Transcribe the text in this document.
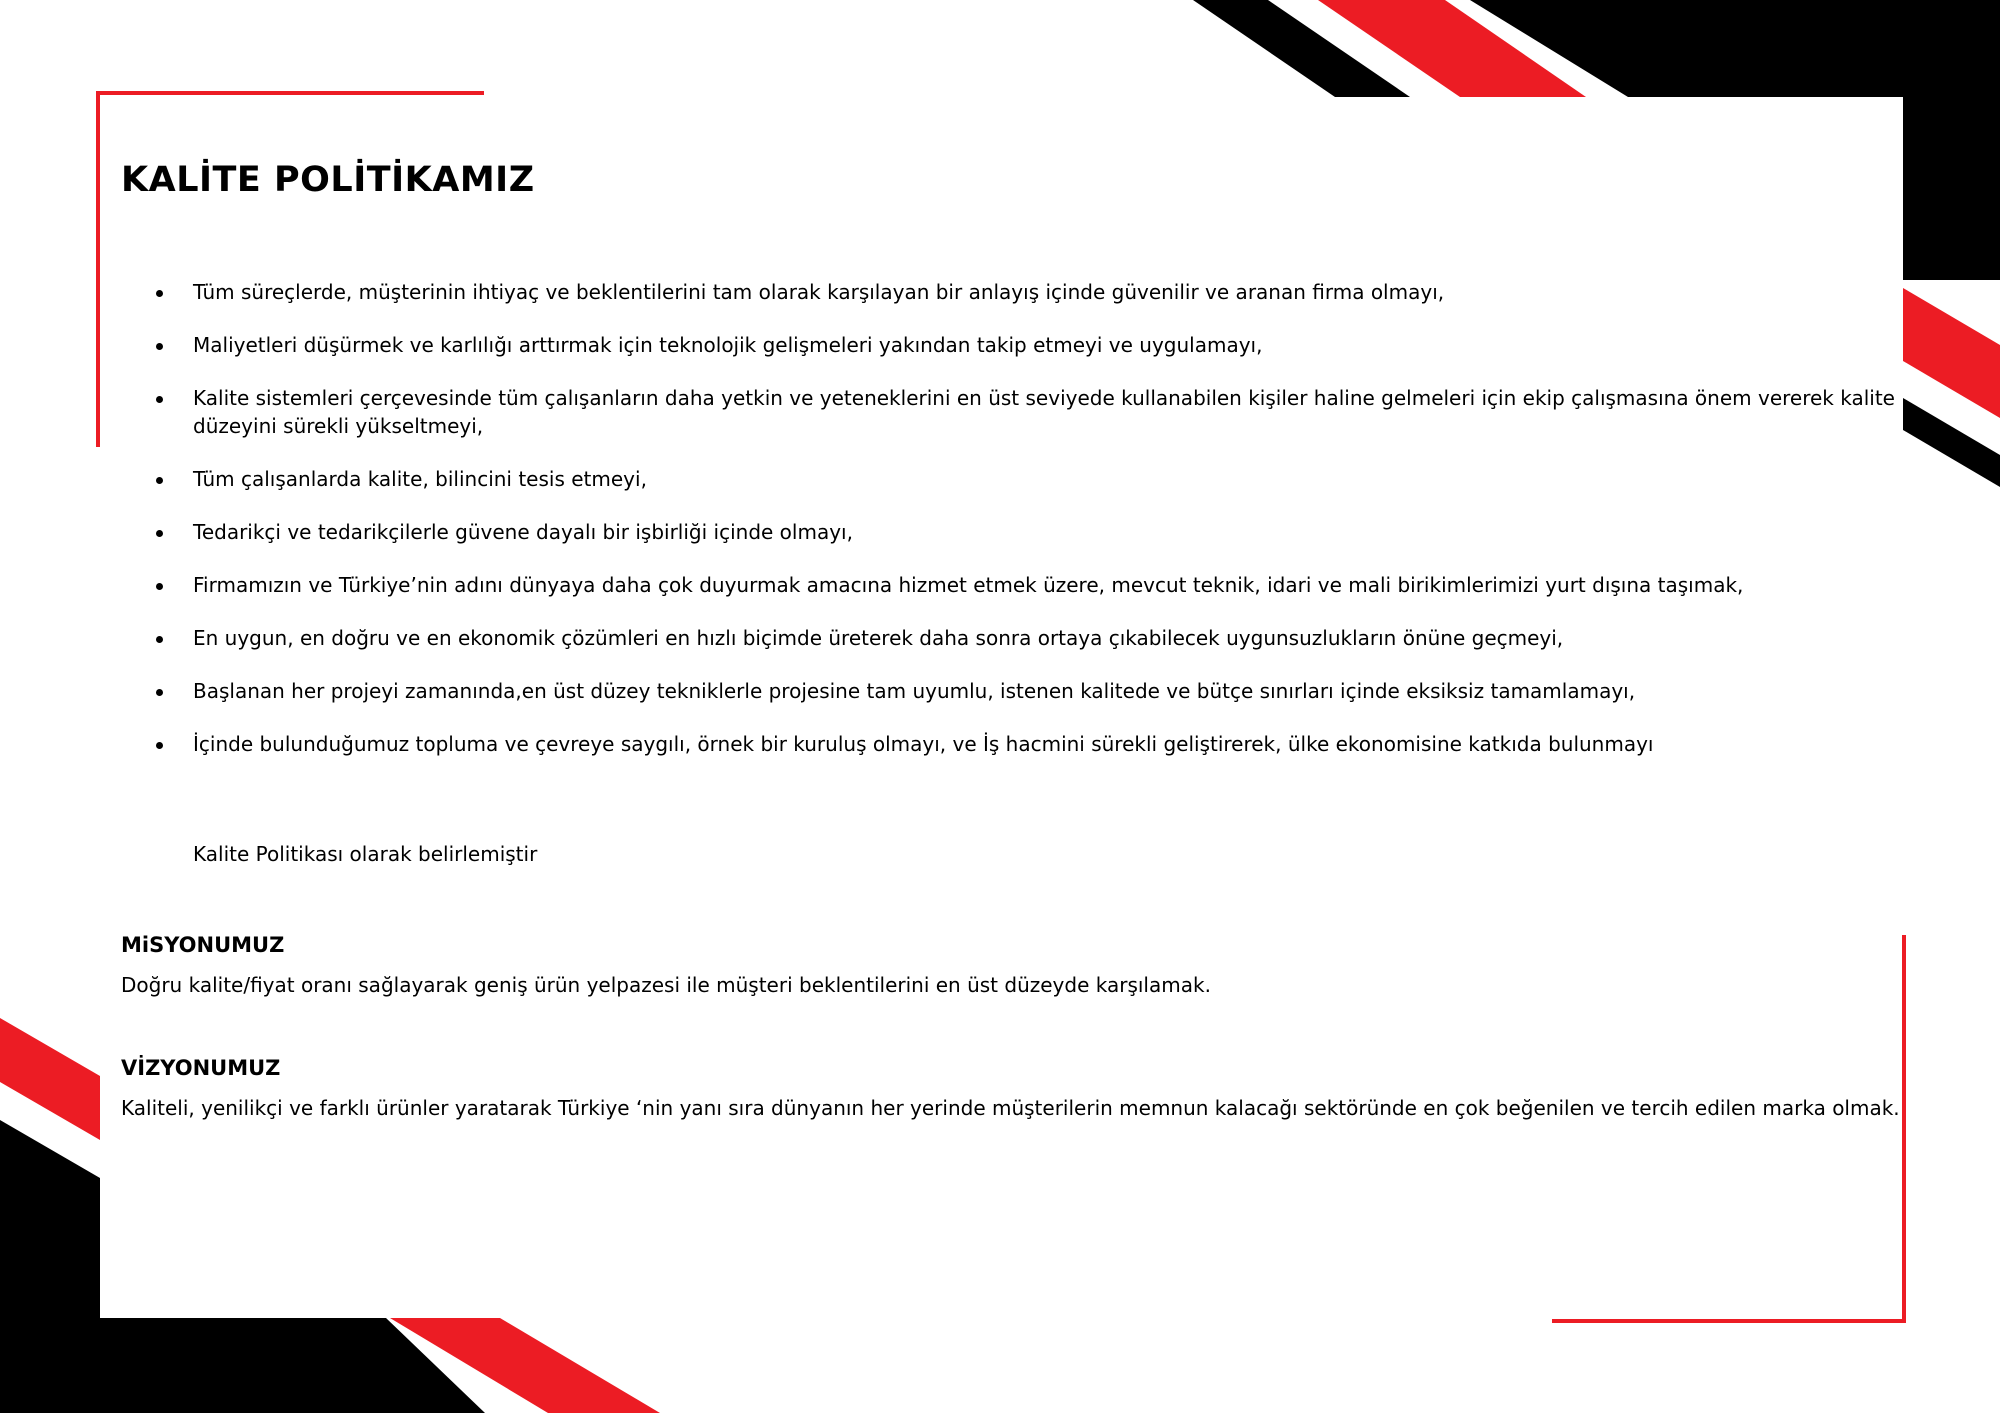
KALİTE POLİTİKAMIZ
Tüm süreçlerde, müşterinin ihtiyaç ve beklentilerini tam olarak karşılayan bir anlayış içinde güvenilir ve aranan firma olmayı,
Maliyetleri düşürmek ve karlılığı arttırmak için teknolojik gelişmeleri yakından takip etmeyi ve uygulamayı,
Kalite sistemleri çerçevesinde tüm çalışanların daha yetkin ve yeteneklerini en üst seviyede kullanabilen kişiler haline gelmeleri için ekip çalışmasına önem vererek kalite düzeyini sürekli yükseltmeyi,
Tüm çalışanlarda kalite, bilincini tesis etmeyi,
Tedarikçi ve tedarikçilerle güvene dayalı bir işbirliği içinde olmayı,
Firmamızın ve Türkiye’nin adını dünyaya daha çok duyurmak amacına hizmet etmek üzere, mevcut teknik, idari ve mali birikimlerimizi yurt dışına taşımak,
En uygun, en doğru ve en ekonomik çözümleri en hızlı biçimde üreterek daha sonra ortaya çıkabilecek uygunsuzlukların önüne geçmeyi,
Başlanan her projeyi zamanında,en üst düzey tekniklerle projesine tam uyumlu, istenen kalitede ve bütçe sınırları içinde eksiksiz tamamlamayı,
İçinde bulunduğumuz topluma ve çevreye saygılı, örnek bir kuruluş olmayı, ve İş hacmini sürekli geliştirerek, ülke ekonomisine katkıda bulunmayı

Kalite Politikası olarak belirlemiştir

MiSYONUMUZ

Doğru kalite/fiyat oranı sağlayarak geniş ürün yelpazesi ile müşteri beklentilerini en üst düzeyde karşılamak.

VİZYONUMUZ

Kaliteli, yenilikçi ve farklı ürünler yaratarak Türkiye ‘nin yanı sıra dünyanın her yerinde müşterilerin memnun kalacağı sektöründe en çok beğenilen ve tercih edilen marka olmak.
